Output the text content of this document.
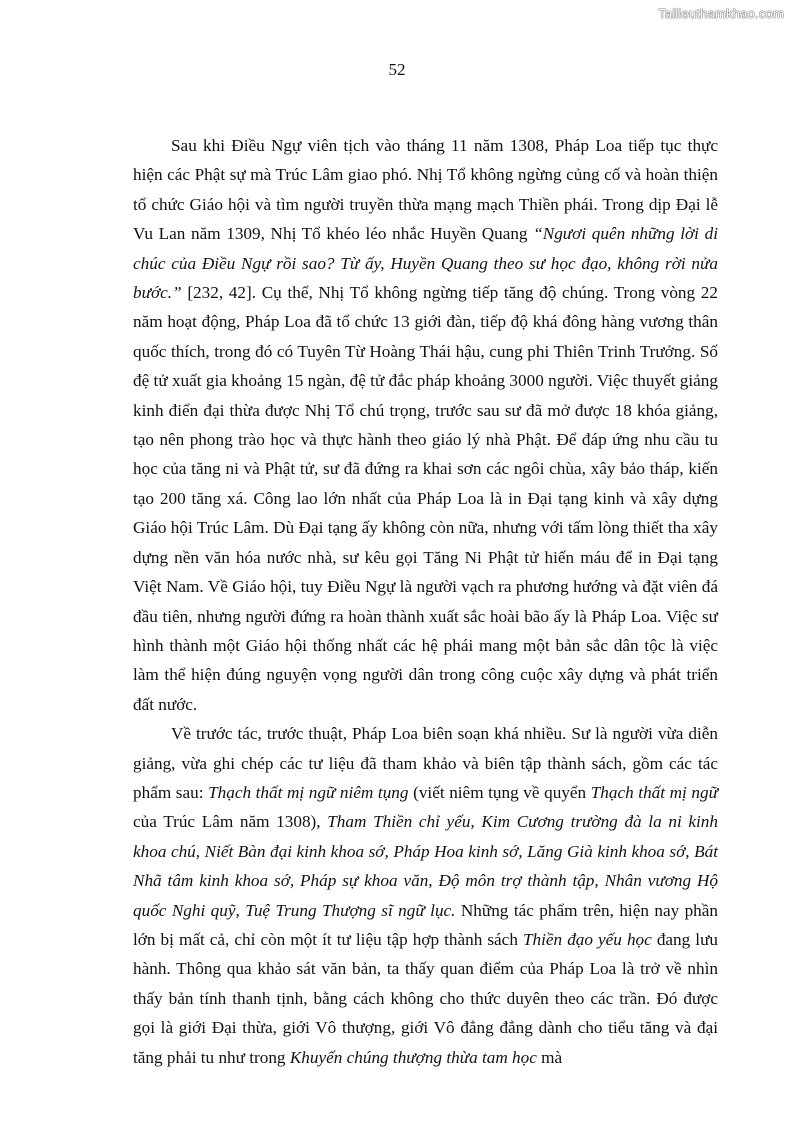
Tailieuthamkhao.com
52

Sau khi Điều Ngự viên tịch vào tháng 11 năm 1308, Pháp Loa tiếp tục thực hiện các Phật sự mà Trúc Lâm giao phó. Nhị Tổ không ngừng củng cố và hoàn thiện tổ chức Giáo hội và tìm người truyền thừa mạng mạch Thiền phái. Trong dịp Đại lễ Vu Lan năm 1309, Nhị Tổ khéo léo nhắc Huyền Quang “Ngươi quên những lời di chúc của Điều Ngự rồi sao? Từ ấy, Huyền Quang theo sư học đạo, không rời nửa bước.” [232, 42]. Cụ thể, Nhị Tổ không ngừng tiếp tăng độ chúng. Trong vòng 22 năm hoạt động, Pháp Loa đã tổ chức 13 giới đàn, tiếp độ khá đông hàng vương thân quốc thích, trong đó có Tuyên Từ Hoàng Thái hậu, cung phi Thiên Trinh Trưởng. Số đệ tử xuất gia khoảng 15 ngàn, đệ tử đắc pháp khoảng 3000 người. Việc thuyết giảng kinh điển đại thừa được Nhị Tổ chú trọng, trước sau sư đã mở được 18 khóa giảng, tạo nên phong trào học và thực hành theo giáo lý nhà Phật. Để đáp ứng nhu cầu tu học của tăng ni và Phật tử, sư đã đứng ra khai sơn các ngôi chùa, xây bảo tháp, kiến tạo 200 tăng xá. Công lao lớn nhất của Pháp Loa là in Đại tạng kinh và xây dựng Giáo hội Trúc Lâm. Dù Đại tạng ấy không còn nữa, nhưng với tấm lòng thiết tha xây dựng nền văn hóa nước nhà, sư kêu gọi Tăng Ni Phật tử hiến máu để in Đại tạng Việt Nam. Về Giáo hội, tuy Điều Ngự là người vạch ra phương hướng và đặt viên đá đầu tiên, nhưng người đứng ra hoàn thành xuất sắc hoài bão ấy là Pháp Loa. Việc sư hình thành một Giáo hội thống nhất các hệ phái mang một bản sắc dân tộc là việc làm thể hiện đúng nguyện vọng người dân trong công cuộc xây dựng và phát triển đất nước.

Về trước tác, trước thuật, Pháp Loa biên soạn khá nhiều. Sư là người vừa diễn giảng, vừa ghi chép các tư liệu đã tham khảo và biên tập thành sách, gồm các tác phẩm sau: Thạch thất mị ngữ niêm tụng (viết niêm tụng về quyển Thạch thất mị ngữ của Trúc Lâm năm 1308), Tham Thiền chỉ yếu, Kim Cương trường đà la ni kinh khoa chú, Niết Bàn đại kinh khoa sớ, Pháp Hoa kinh sớ, Lăng Già kinh khoa sớ, Bát Nhã tâm kinh khoa sớ, Pháp sự khoa văn, Độ môn trợ thành tập, Nhân vương Hộ quốc Nghi quỹ, Tuệ Trung Thượng sĩ ngữ lục. Những tác phẩm trên, hiện nay phần lớn bị mất cả, chỉ còn một ít tư liệu tập hợp thành sách Thiền đạo yếu học đang lưu hành. Thông qua khảo sát văn bản, ta thấy quan điểm của Pháp Loa là trở về nhìn thấy bản tính thanh tịnh, bằng cách không cho thức duyên theo các trần. Đó được gọi là giới Đại thừa, giới Vô thượng, giới Vô đẳng đẳng dành cho tiểu tăng và đại tăng phải tu như trong Khuyến chúng thượng thừa tam học mà
